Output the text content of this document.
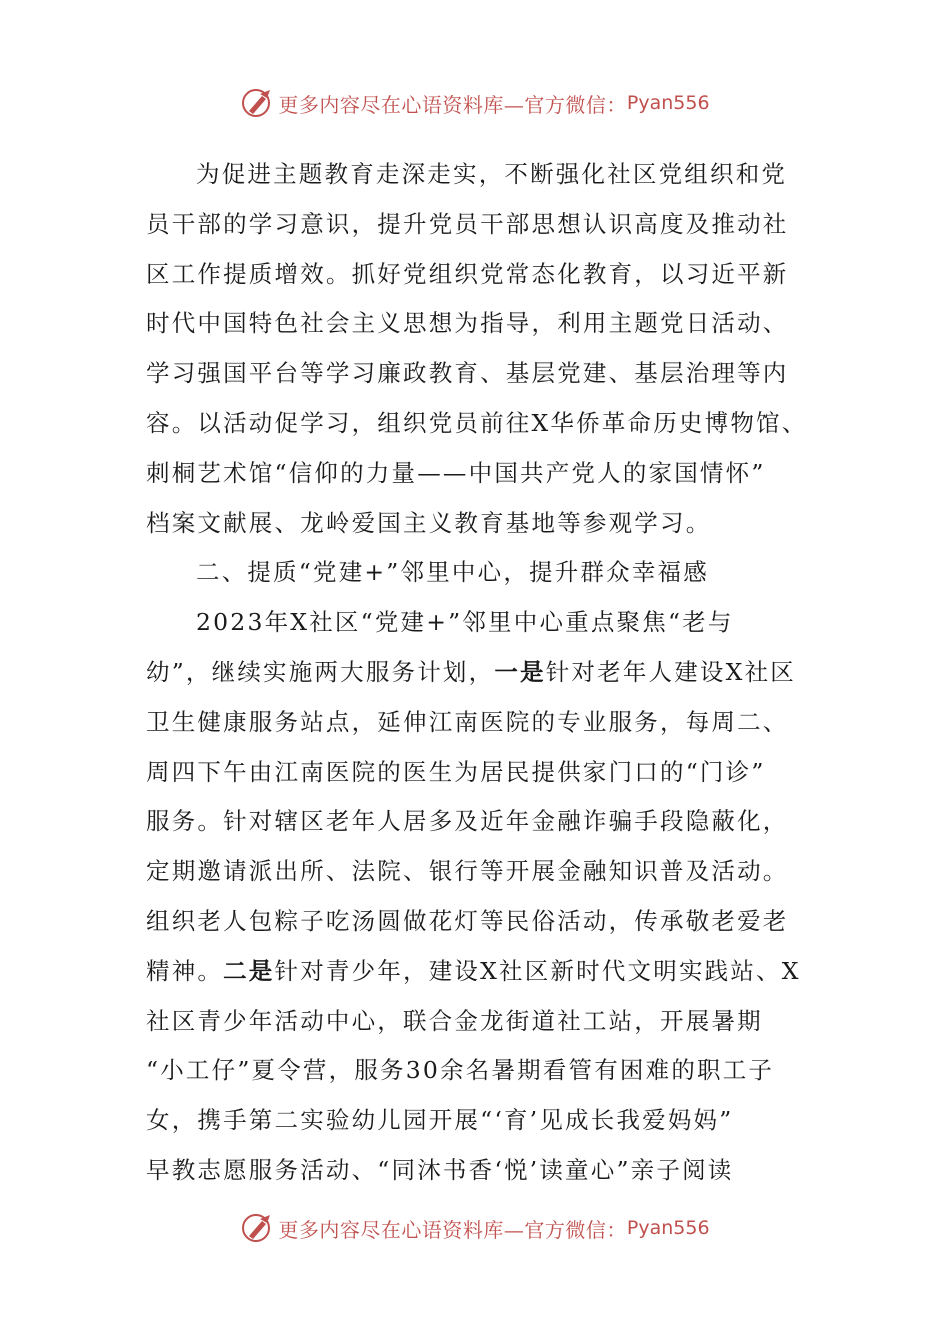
更多内容尽在心语资料库—官方微信： Pyan556
为促进主题教育走深走实，不断强化社区党组织和党
员干部的学习意识，提升党员干部思想认识高度及推动社
区工作提质增效。抓好党组织党常态化教育，以习近平新
时代中国特色社会主义思想为指导，利用主题党日活动、
学习强国平台等学习廉政教育、基层党建、基层治理等内
容。以活动促学习，组织党员前往X华侨革命历史博物馆、
刺桐艺术馆“信仰的力量——中国共产党人的家国情怀”
档案文献展、龙岭爱国主义教育基地等参观学习。
二、提质“党建+”邻里中心，提升群众幸福感
2023年X社区“党建+”邻里中心重点聚焦“老与
幼”，继续实施两大服务计划，一是针对老年人建设X社区
卫生健康服务站点，延伸江南医院的专业服务，每周二、
周四下午由江南医院的医生为居民提供家门口的“门诊”
服务。针对辖区老年人居多及近年金融诈骗手段隐蔽化，
定期邀请派出所、法院、银行等开展金融知识普及活动。
组织老人包粽子吃汤圆做花灯等民俗活动，传承敬老爱老
精神。二是针对青少年，建设X社区新时代文明实践站、X
社区青少年活动中心，联合金龙街道社工站，开展暑期
“小工仔”夏令营，服务30余名暑期看管有困难的职工子
女，携手第二实验幼儿园开展“‘育’见成长我爱妈妈”
早教志愿服务活动、“同沐书香‘悦’读童心”亲子阅读
更多内容尽在心语资料库—官方微信： Pyan556
